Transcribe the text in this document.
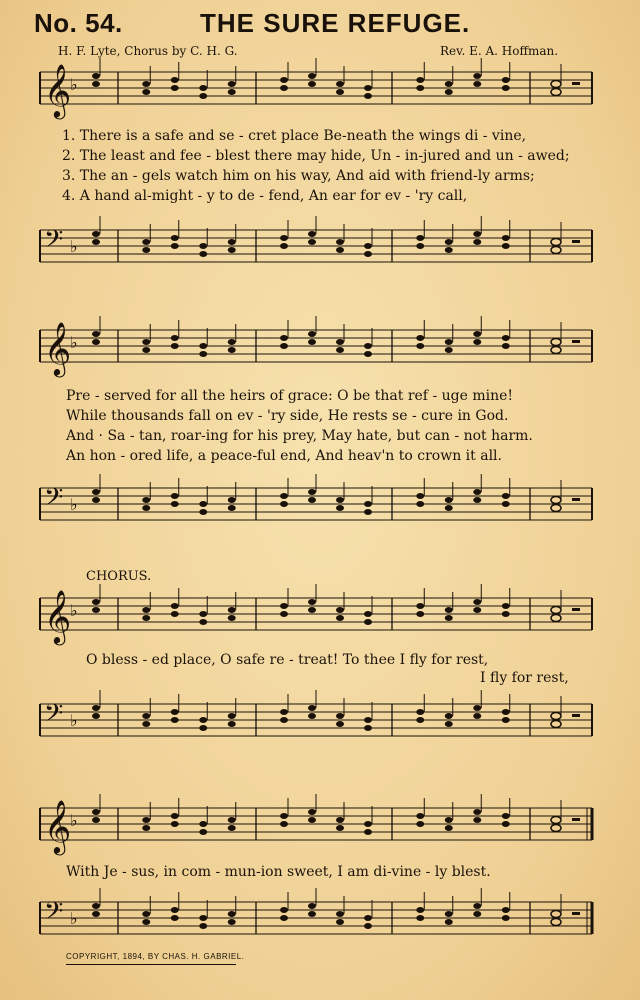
No. 54.	THE SURE REFUGE.
H. F. Lyte, Chorus by C. H. G.	Rev. E. A. Hoffman.
𝄞
♭
1. There is a safe and se - cret place Be-neath the wings di - vine,
2. The least and fee - blest there may hide, Un - in-jured and un - awed;
3. The an - gels watch him on his way, And aid with friend-ly arms;
4. A hand al-might - y to de - fend, An ear for ev - 'ry call,
𝄢 ♭
𝄞
♭
Pre - served for all the heirs of grace: O be that ref - uge mine!
While thousands fall on ev - 'ry side, He rests se - cure in God.
And · Sa - tan, roar-ing for his prey, May hate, but can - not harm.
An hon - ored life, a peace-ful end, And heav'n to crown it all.
𝄢 ♭
CHORUS.
𝄞
♭
O bless - ed place, O safe re - treat! To thee I fly for rest,
I fly for rest,
𝄢 ♭
𝄞
♭
With Je - sus, in com - mun-ion sweet, I am di-vine - ly blest.
𝄢 ♭
COPYRIGHT, 1894, BY CHAS. H. GABRIEL.
